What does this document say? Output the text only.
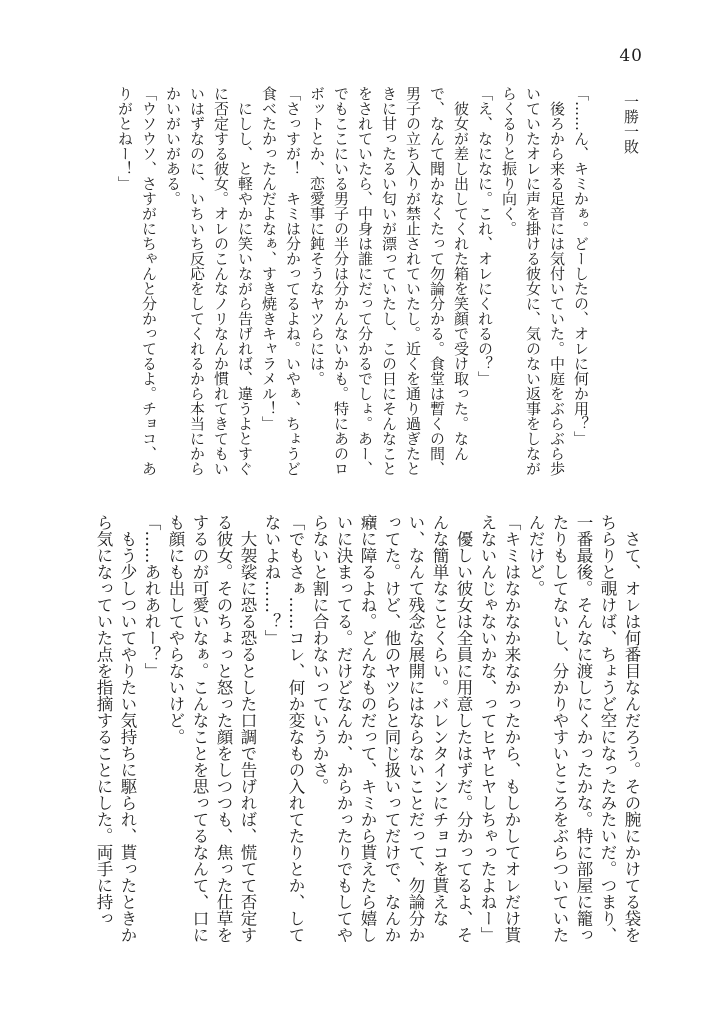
40
一勝一敗

「……ん、キミかぁ。どーしたの、オレに何か用？」

　後ろから来る足音には気付いていた。中庭をぶらぶら歩いていたオレに声を掛ける彼女に、気のない返事をしながらくるりと振り向く。

「え、なになに。これ、オレにくれるの？」

　彼女が差し出してくれた箱を笑顔で受け取った。なんで、なんて聞かなくたって勿論分かる。食堂は暫くの間、男子の立ち入りが禁止されていたし。近くを通り過ぎたときに甘ったるい匂いが漂っていたし、この日にそんなことをされていたら、中身は誰にだって分かるでしょ。あー、でもここにいる男子の半分は分かんないかも。特にあのロボットとか、恋愛事に鈍そうなヤツらには。

「さっすが！　キミは分かってるよね。いやぁ、ちょうど食べたかったんだよなぁ、すき焼きキャラメル！」

　にしし、と軽やかに笑いながら告げれば、違うよとすぐに否定する彼女。オレのこんなノリなんか慣れてきてもいいはずなのに、いちいち反応をしてくれるから本当にからかいがいがある。

「ウソウソ、さすがにちゃんと分かってるよ。チョコ、ありがとねー！」

　さて、オレは何番目なんだろう。その腕にかけてる袋をちらりと覗けば、ちょうど空になったみたいだ。つまり、一番最後。そんなに渡しにくかったかな。特に部屋に籠ったりもしてないし、分かりやすいところをぶらついていたんだけど。

「キミはなかなか来なかったから、もしかしてオレだけ貰えないんじゃないかな、ってヒヤヒヤしちゃったよねー」

　優しい彼女は全員に用意したはずだ。分かってるよ、そんな簡単なことくらい。バレンタインにチョコを貰えない、なんて残念な展開にはならないことだって、勿論分かってた。けど、他のヤツらと同じ扱いってだけで、なんか癪に障るよね。どんなものだって、キミから貰えたら嬉しいに決まってる。だけどなんか、からかったりでもしてやらないと割に合わないっていうかさ。

「でもさぁ……コレ、何か変なもの入れてたりとか、してないよね……？」

　大袈裟に恐る恐るとした口調で告げれば、慌てて否定する彼女。そのちょっと怒った顔をしつつも、焦った仕草をするのが可愛いなぁ。こんなことを思ってるなんて、口にも顔にも出してやらないけど。

「……あれあれー？」

　もう少しついてやりたい気持ちに駆られ、貰ったときから気になっていた点を指摘することにした。両手に持っ
